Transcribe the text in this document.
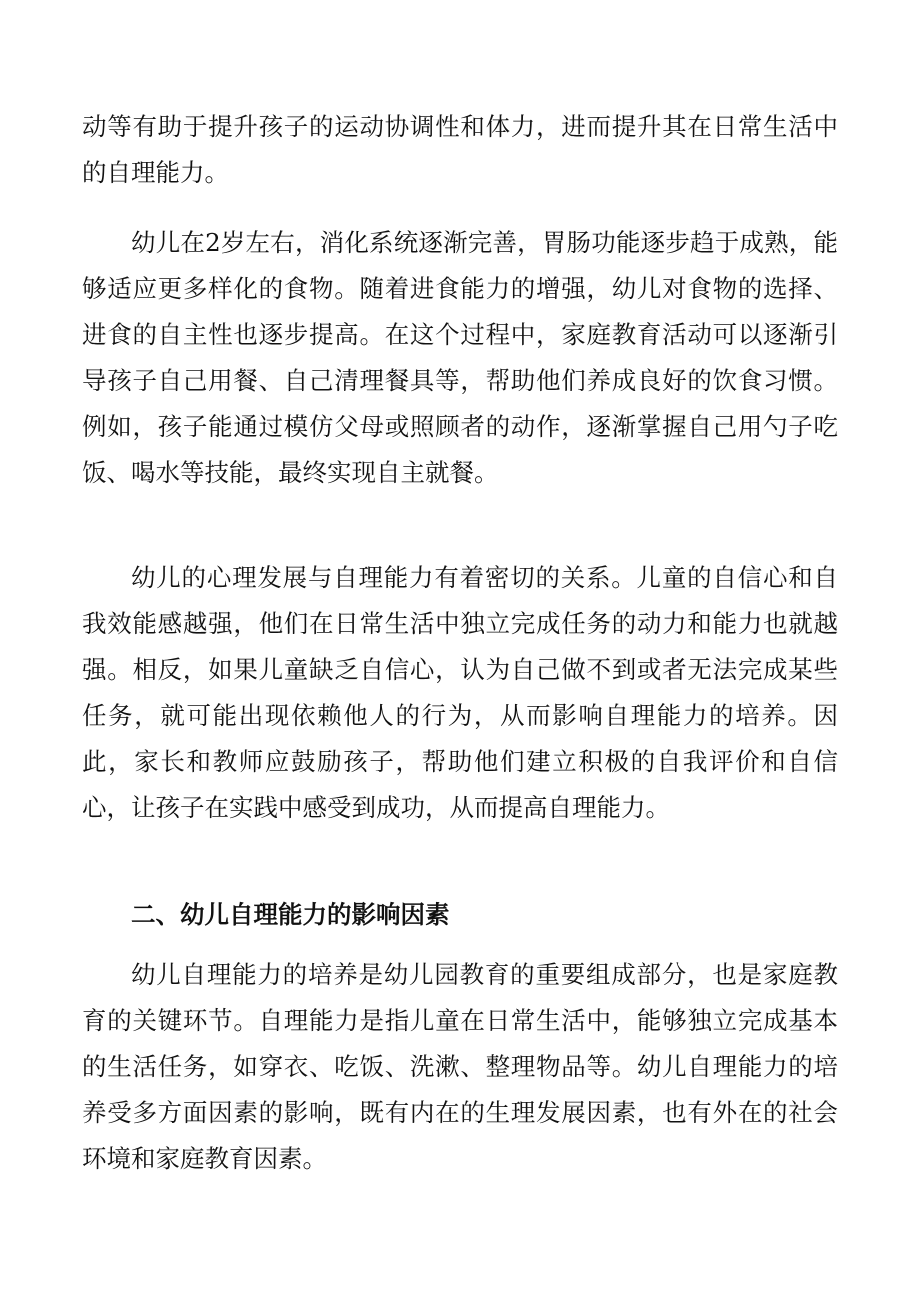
动等有助于提升孩子的运动协调性和体力，进而提升其在日常生活中的自理能力。

幼儿在2岁左右，消化系统逐渐完善，胃肠功能逐步趋于成熟，能够适应更多样化的食物。随着进食能力的增强，幼儿对食物的选择、进食的自主性也逐步提高。在这个过程中，家庭教育活动可以逐渐引导孩子自己用餐、自己清理餐具等，帮助他们养成良好的饮食习惯。例如，孩子能通过模仿父母或照顾者的动作，逐渐掌握自己用勺子吃饭、喝水等技能，最终实现自主就餐。

幼儿的心理发展与自理能力有着密切的关系。儿童的自信心和自我效能感越强，他们在日常生活中独立完成任务的动力和能力也就越强。相反，如果儿童缺乏自信心，认为自己做不到或者无法完成某些任务，就可能出现依赖他人的行为，从而影响自理能力的培养。因此，家长和教师应鼓励孩子，帮助他们建立积极的自我评价和自信心，让孩子在实践中感受到成功，从而提高自理能力。

二、幼儿自理能力的影响因素

幼儿自理能力的培养是幼儿园教育的重要组成部分，也是家庭教育的关键环节。自理能力是指儿童在日常生活中，能够独立完成基本的生活任务，如穿衣、吃饭、洗漱、整理物品等。幼儿自理能力的培养受多方面因素的影响，既有内在的生理发展因素，也有外在的社会环境和家庭教育因素。
